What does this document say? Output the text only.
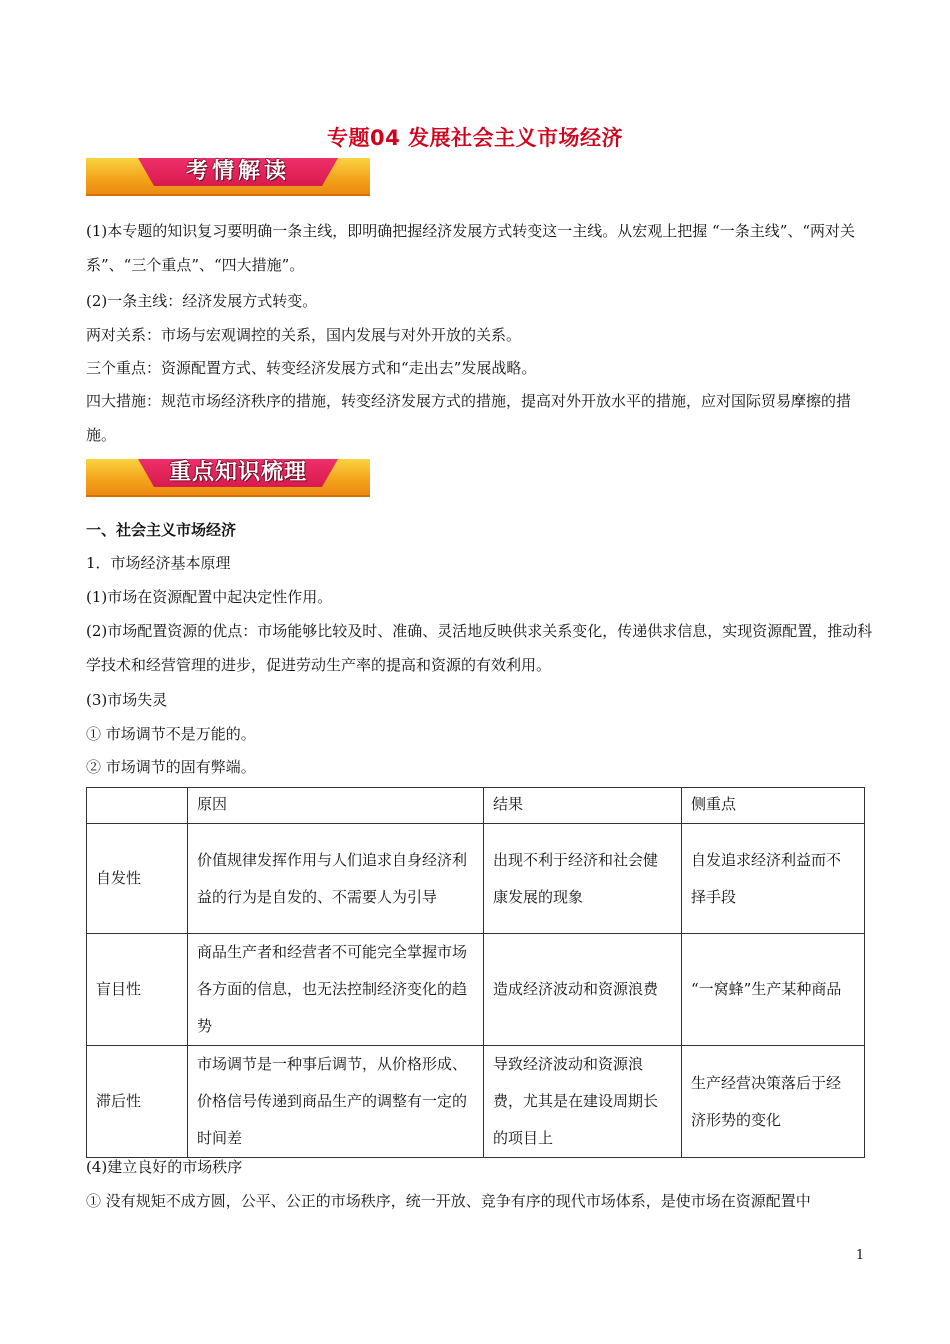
专题04 发展社会主义市场经济
考情解读
(1)本专题的知识复习要明确一条主线，即明确把握经济发展方式转变这一主线。从宏观上把握 “一条主线”、“两对关系”、“三个重点”、“四大措施”。
(2)一条主线：经济发展方式转变。
两对关系：市场与宏观调控的关系，国内发展与对外开放的关系。
三个重点：资源配置方式、转变经济发展方式和“走出去”发展战略。
四大措施：规范市场经济秩序的措施，转变经济发展方式的措施，提高对外开放水平的措施，应对国际贸易摩擦的措施。
重点知识梳理
一、社会主义市场经济
1．市场经济基本原理
(1)市场在资源配置中起决定性作用。
(2)市场配置资源的优点：市场能够比较及时、准确、灵活地反映供求关系变化，传递供求信息，实现资源配置，推动科学技术和经营管理的进步，促进劳动生产率的提高和资源的有效利用。
(3)市场失灵
① 市场调节不是万能的。
② 市场调节的固有弊端。
	原因	结果	侧重点
自发性	价值规律发挥作用与人们追求自身经济利益的行为是自发的、不需要人为引导	出现不利于经济和社会健康发展的现象	自发追求经济利益而不择手段
盲目性	商品生产者和经营者不可能完全掌握市场各方面的信息，也无法控制经济变化的趋势	造成经济波动和资源浪费	“一窝蜂”生产某种商品
滞后性	市场调节是一种事后调节，从价格形成、价格信号传递到商品生产的调整有一定的时间差	导致经济波动和资源浪费，尤其是在建设周期长的项目上	生产经营决策落后于经济形势的变化
(4)建立良好的市场秩序
① 没有规矩不成方圆，公平、公正的市场秩序，统一开放、竞争有序的现代市场体系，是使市场在资源配置中
1
